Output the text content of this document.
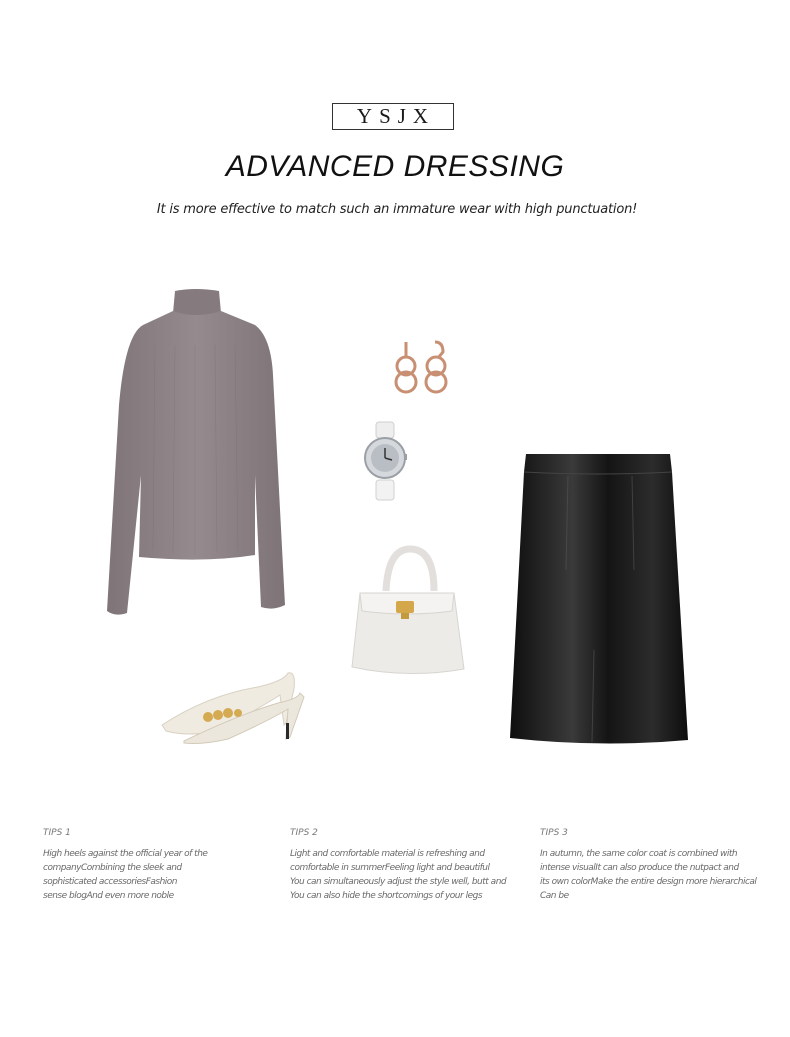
YSJX
ADVANCED DRESSING
It is more effective to match such an immature wear with high punctuation!
TIPS 1
High heels against the official year of the
companyCombining the sleek and
sophisticated accessoriesFashion
sense blogAnd even more noble
TIPS 2
Light and comfortable material is refreshing and
comfortable in summerFeeling light and beautiful
You can simultaneously adjust the style well, butt and
You can also hide the shortcomings of your legs
TIPS 3
In autumn, the same color coat is combined with
intense visualIt can also produce the nutpact and
its own colorMake the entire design more hierarchical
Can be
